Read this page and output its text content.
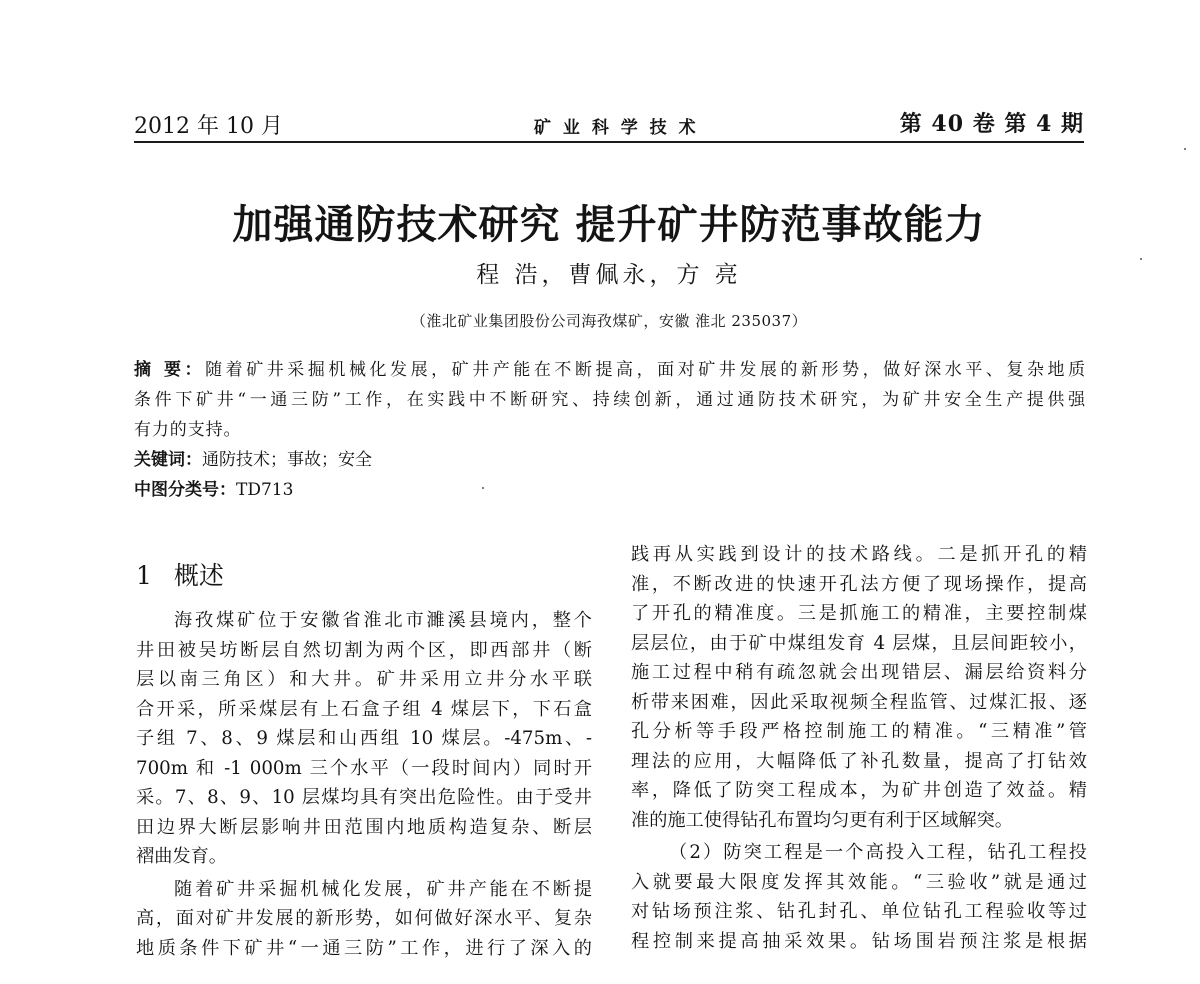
2012 年 10 月	矿 业 科 学 技 术	第 40 卷 第 4 期
加强通防技术研究 提升矿井防范事故能力
程 浩，曹佩永，方 亮
（淮北矿业集团股份公司海孜煤矿，安徽 淮北 235037）
摘 要：随着矿井采掘机械化发展，矿井产能在不断提高，面对矿井发展的新形势，做好深水平、复杂地质
条件下矿井“一通三防”工作，在实践中不断研究、持续创新，通过通防技术研究，为矿井安全生产提供强
有力的支持。
关键词：通防技术；事故；安全
中图分类号：TD713
1 概述
海孜煤矿位于安徽省淮北市濉溪县境内，整个
井田被吴坊断层自然切割为两个区，即西部井（断
层以南三角区）和大井。矿井采用立井分水平联
合开采，所采煤层有上石盒子组 4 煤层下，下石盒
子组 7、8、9 煤层和山西组 10 煤层。-475m、-
700m 和 -1 000m 三个水平（一段时间内）同时开
采。7、8、9、10 层煤均具有突出危险性。由于受井
田边界大断层影响井田范围内地质构造复杂、断层
褶曲发育。
随着矿井采掘机械化发展，矿井产能在不断提
高，面对矿井发展的新形势，如何做好深水平、复杂
地质条件下矿井“一通三防”工作，进行了深入的
践再从实践到设计的技术路线。二是抓开孔的精
准，不断改进的快速开孔法方便了现场操作，提高
了开孔的精准度。三是抓施工的精准，主要控制煤
层层位，由于矿中煤组发育 4 层煤，且层间距较小，
施工过程中稍有疏忽就会出现错层、漏层给资料分
析带来困难，因此采取视频全程监管、过煤汇报、逐
孔分析等手段严格控制施工的精准。“三精准”管
理法的应用，大幅降低了补孔数量，提高了打钻效
率，降低了防突工程成本，为矿井创造了效益。精
准的施工使得钻孔布置均匀更有利于区域解突。
（2）防突工程是一个高投入工程，钻孔工程投
入就要最大限度发挥其效能。“三验收”就是通过
对钻场预注浆、钻孔封孔、单位钻孔工程验收等过
程控制来提高抽采效果。钻场围岩预注浆是根据
